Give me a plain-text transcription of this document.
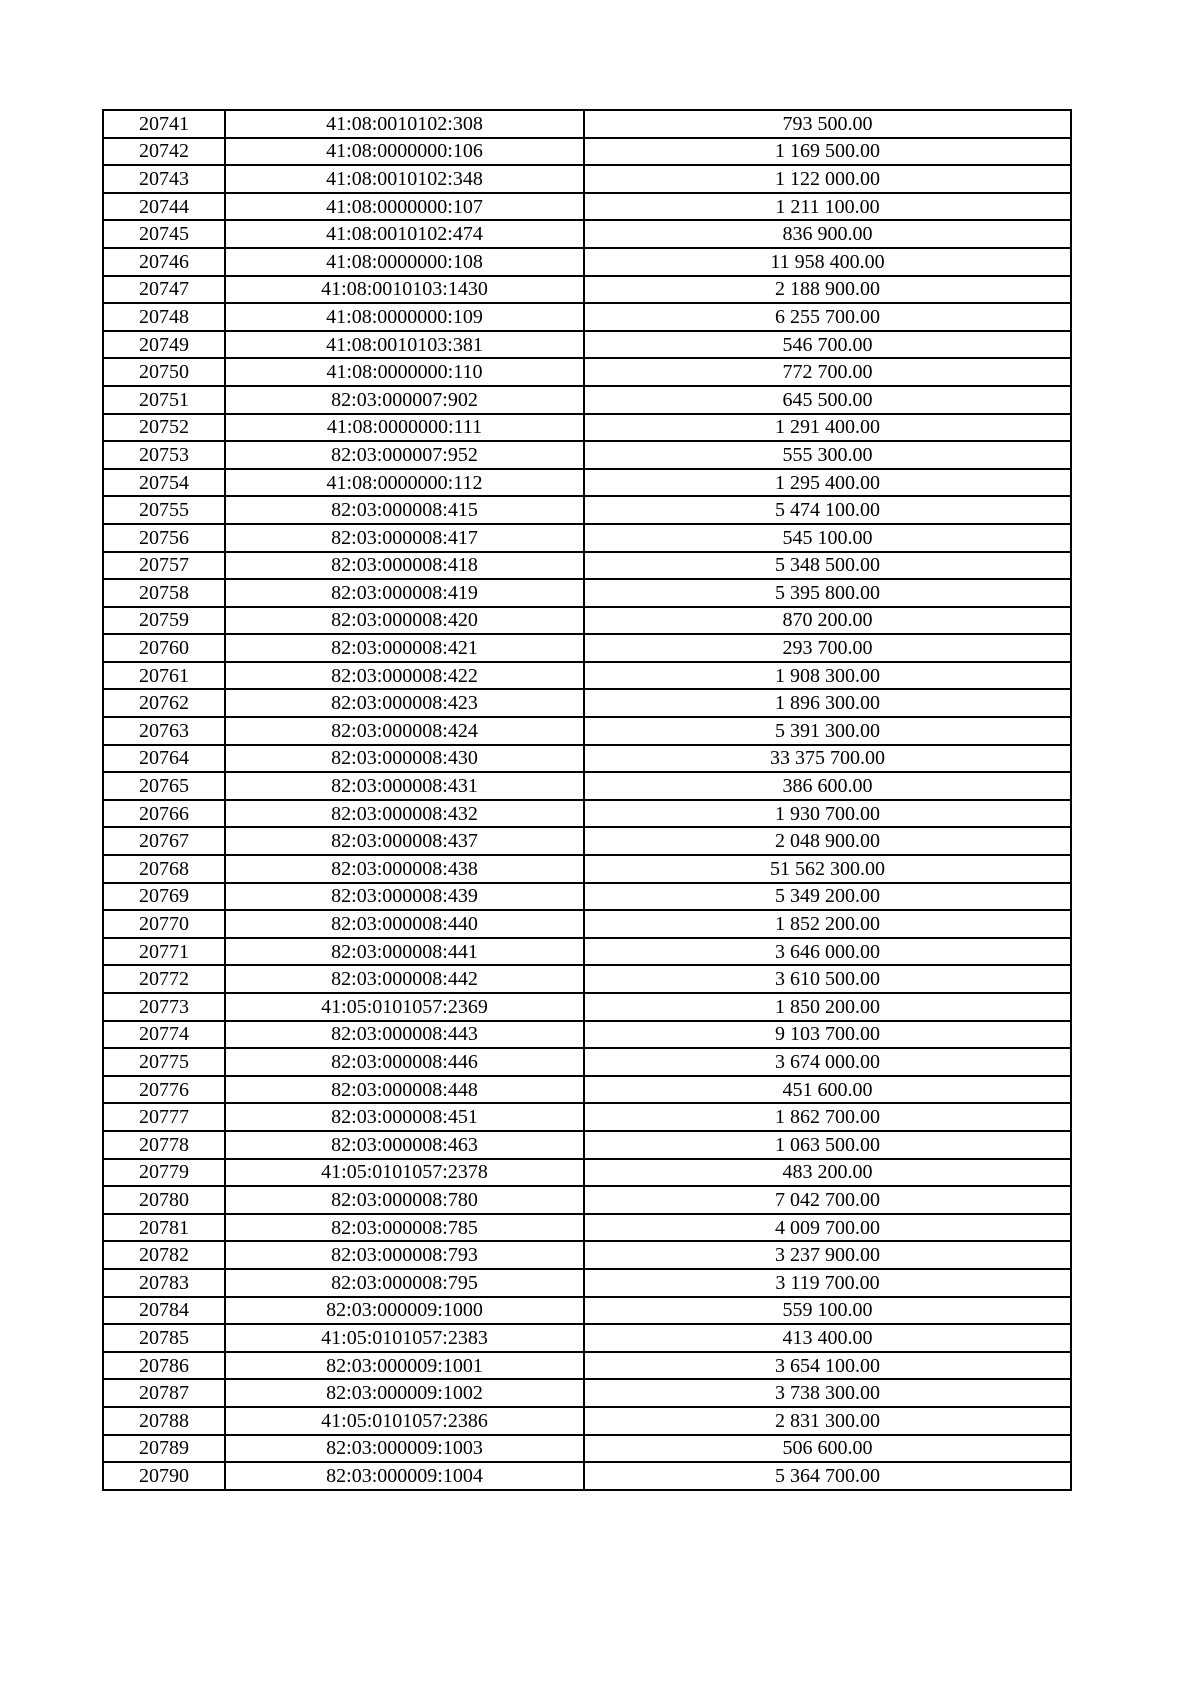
20741	41:08:0010102:308	793 500.00
20742	41:08:0000000:106	1 169 500.00
20743	41:08:0010102:348	1 122 000.00
20744	41:08:0000000:107	1 211 100.00
20745	41:08:0010102:474	836 900.00
20746	41:08:0000000:108	11 958 400.00
20747	41:08:0010103:1430	2 188 900.00
20748	41:08:0000000:109	6 255 700.00
20749	41:08:0010103:381	546 700.00
20750	41:08:0000000:110	772 700.00
20751	82:03:000007:902	645 500.00
20752	41:08:0000000:111	1 291 400.00
20753	82:03:000007:952	555 300.00
20754	41:08:0000000:112	1 295 400.00
20755	82:03:000008:415	5 474 100.00
20756	82:03:000008:417	545 100.00
20757	82:03:000008:418	5 348 500.00
20758	82:03:000008:419	5 395 800.00
20759	82:03:000008:420	870 200.00
20760	82:03:000008:421	293 700.00
20761	82:03:000008:422	1 908 300.00
20762	82:03:000008:423	1 896 300.00
20763	82:03:000008:424	5 391 300.00
20764	82:03:000008:430	33 375 700.00
20765	82:03:000008:431	386 600.00
20766	82:03:000008:432	1 930 700.00
20767	82:03:000008:437	2 048 900.00
20768	82:03:000008:438	51 562 300.00
20769	82:03:000008:439	5 349 200.00
20770	82:03:000008:440	1 852 200.00
20771	82:03:000008:441	3 646 000.00
20772	82:03:000008:442	3 610 500.00
20773	41:05:0101057:2369	1 850 200.00
20774	82:03:000008:443	9 103 700.00
20775	82:03:000008:446	3 674 000.00
20776	82:03:000008:448	451 600.00
20777	82:03:000008:451	1 862 700.00
20778	82:03:000008:463	1 063 500.00
20779	41:05:0101057:2378	483 200.00
20780	82:03:000008:780	7 042 700.00
20781	82:03:000008:785	4 009 700.00
20782	82:03:000008:793	3 237 900.00
20783	82:03:000008:795	3 119 700.00
20784	82:03:000009:1000	559 100.00
20785	41:05:0101057:2383	413 400.00
20786	82:03:000009:1001	3 654 100.00
20787	82:03:000009:1002	3 738 300.00
20788	41:05:0101057:2386	2 831 300.00
20789	82:03:000009:1003	506 600.00
20790	82:03:000009:1004	5 364 700.00
